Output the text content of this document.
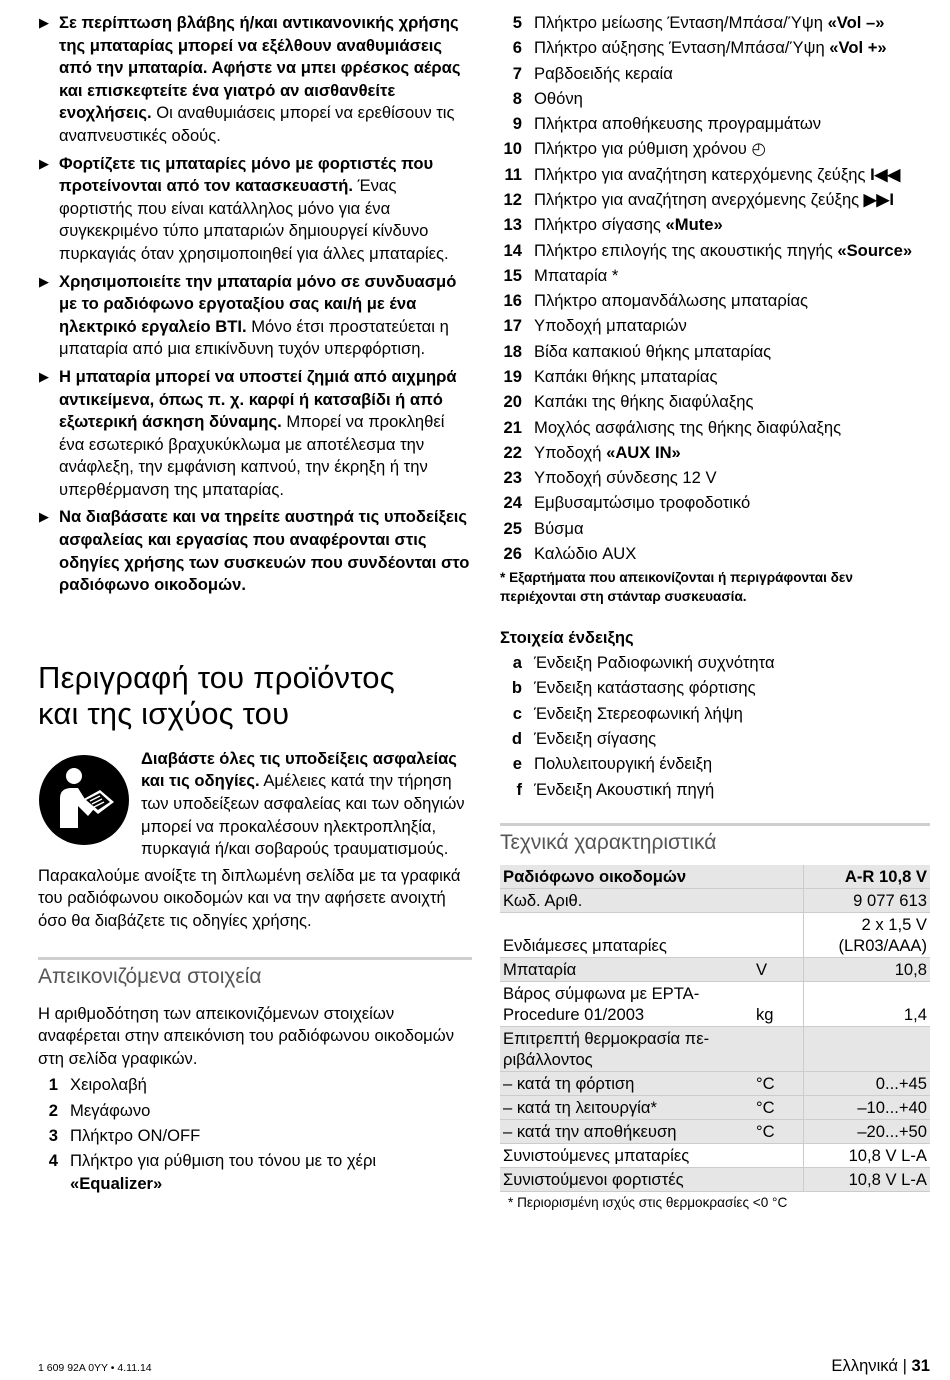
▶ Σε περίπτωση βλάβης ή/και αντικανονικής χρήσης της μπαταρίας μπορεί να εξέλθουν αναθυμιάσεις από την μπαταρία. Αφήστε να μπει φρέσκος αέρας και επισκεφτείτε ένα γιατρό αν αισθανθείτε ενοχλήσεις. Οι αναθυμιάσεις μπορεί να ερεθίσουν τις αναπνευστικές οδούς.
▶ Φορτίζετε τις μπαταρίες μόνο με φορτιστές που προτείνονται από τον κατασκευαστή. Ένας φορτιστής που είναι κατάλληλος μόνο για ένα συγκεκριμένο τύπο μπαταριών δημιουργεί κίνδυνο πυρκαγιάς όταν χρησιμοποιηθεί για άλλες μπαταρίες.
▶ Χρησιμοποιείτε την μπαταρία μόνο σε συνδυασμό με το ραδιόφωνο εργοταξίου σας και/ή με ένα ηλεκτρικό εργαλείο BTI. Μόνο έτσι προστατεύεται η μπαταρία από μια επικίνδυνη τυχόν υπερφόρτιση.
▶ Η μπαταρία μπορεί να υποστεί ζημιά από αιχμηρά αντικείμενα, όπως π. χ. καρφί ή κατσαβίδι ή από εξωτερική άσκηση δύναμης. Μπορεί να προκληθεί ένα εσωτερικό βραχυκύκλωμα με αποτέλεσμα την ανάφλεξη, την εμφάνιση καπνού, την έκρηξη ή την υπερθέρμανση της μπαταρίας.
▶ Να διαβάσατε και να τηρείτε αυστηρά τις υποδείξεις ασφαλείας και εργασίας που αναφέρονται στις οδηγίες χρήσης των συσκευών που συνδέονται στο ραδιόφωνο οικοδομών.
Περιγραφή του προϊόντος
και της ισχύος του
Διαβάστε όλες τις υποδείξεις ασφαλείας και τις οδηγίες. Αμέλειες κατά την τήρηση των υποδείξεων ασφαλείας και των οδηγιών μπορεί να προκαλέσουν ηλεκτροπληξία, πυρκαγιά ή/και σοβαρούς τραυματισμούς.

Παρακαλούμε ανοίξτε τη διπλωμένη σελίδα με τα γραφικά του ραδιόφωνου οικοδομών και να την αφήσετε ανοιχτή όσο θα διαβάζετε τις οδηγίες χρήσης.

Απεικονιζόμενα στοιχεία

Η αριθμοδότηση των απεικονιζόμενων στοιχείων αναφέρεται στην απεικόνιση του ραδιόφωνου οικοδομών στη σελίδα γραφικών.

1 Χειρολαβή
2 Μεγάφωνο
3 Πλήκτρο ON/OFF
4 Πλήκτρο για ρύθμιση του τόνου με το χέρι «Equalizer»
5 Πλήκτρο μείωσης Ένταση/Μπάσα/Ύψη «Vol –»
6 Πλήκτρο αύξησης Ένταση/Μπάσα/Ύψη «Vol +»
7 Ραβδοειδής κεραία
8 Οθόνη
9 Πλήκτρα αποθήκευσης προγραμμάτων
10 Πλήκτρο για ρύθμιση χρόνου ◴
11 Πλήκτρο για αναζήτηση κατερχόμενης ζεύξης I◀◀
12 Πλήκτρο για αναζήτηση ανερχόμενης ζεύξης ▶▶I
13 Πλήκτρο σίγασης «Mute»
14 Πλήκτρο επιλογής της ακουστικής πηγής «Source»
15 Μπαταρία *
16 Πλήκτρο απομανδάλωσης μπαταρίας
17 Υποδοχή μπαταριών
18 Βίδα καπακιού θήκης μπαταρίας
19 Καπάκι θήκης μπαταρίας
20 Καπάκι της θήκης διαφύλαξης
21 Μοχλός ασφάλισης της θήκης διαφύλαξης
22 Υποδοχή «AUX IN»
23 Υποδοχή σύνδεσης 12 V
24 Εμβυσαμτώσιμο τροφοδοτικό
25 Βύσμα
26 Καλώδιο AUX
* Εξαρτήματα που απεικονίζονται ή περιγράφονται δεν περιέχονται στη στάνταρ συσκευασία.
Στοιχεία ένδειξης
a Ένδειξη Ραδιοφωνική συχνότητα
b Ένδειξη κατάστασης φόρτισης
c Ένδειξη Στερεοφωνική λήψη
d Ένδειξη σίγασης
e Πολυλειτουργική ένδειξη
f Ένδειξη Ακουστική πηγή
Τεχνικά χαρακτηριστικά
Ραδιόφωνο οικοδομών		A-R 10,8 V
Κωδ. Αριθ.		9 077 613
Ενδιάμεσες μπαταρίες		2 x 1,5 V (LR03/AAA)
Μπαταρία	V	10,8
Βάρος σύμφωνα με EPTA-Procedure 01/2003	kg	1,4
Επιτρεπτή θερμοκρασία περιβάλλοντος		
– κατά τη φόρτιση	°C	0...+45
– κατά τη λειτουργία*	°C	–10...+40
– κατά την αποθήκευση	°C	–20...+50
Συνιστούμενες μπαταρίες		10,8 V L-A
Συνιστούμενοι φορτιστές		10,8 V L-A
* Περιορισμένη ισχύς στις θερμοκρασίες <0 °C
1 609 92A 0YY • 4.11.14	Ελληνικά | 31
